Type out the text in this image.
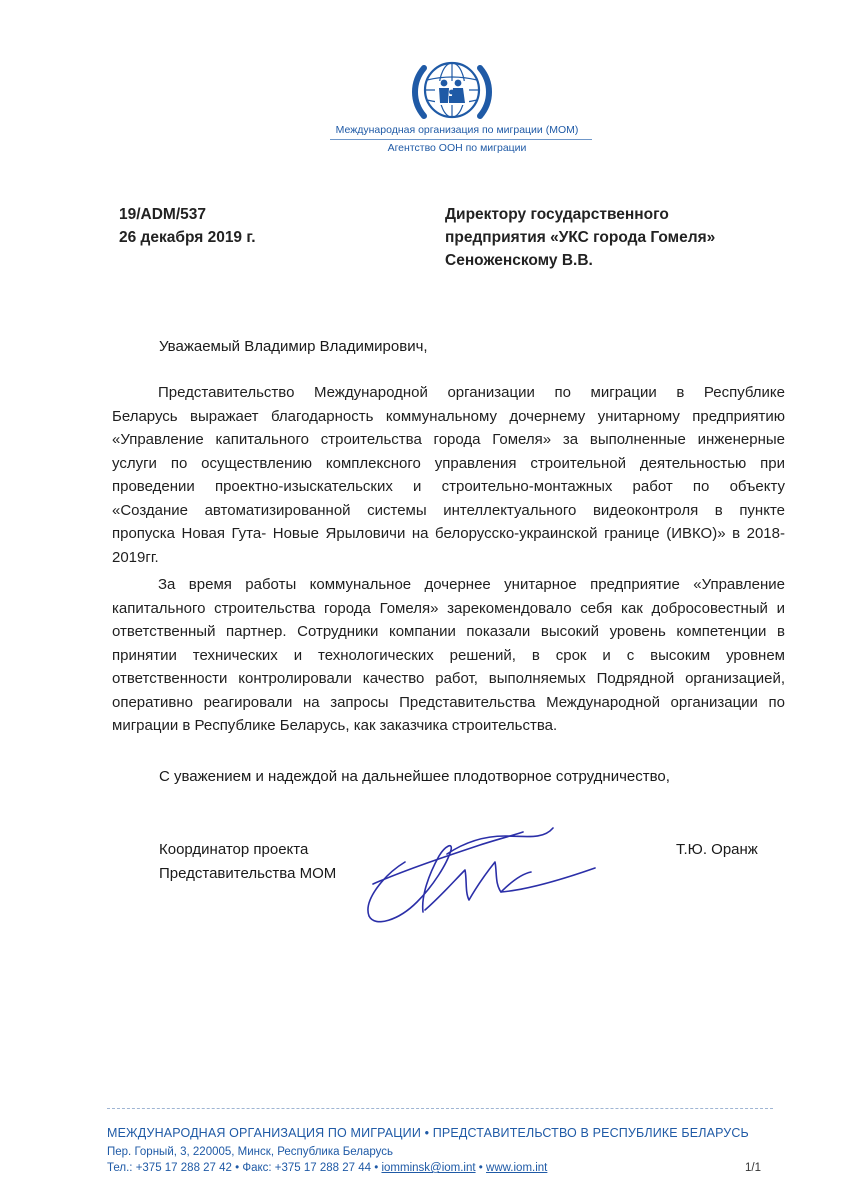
Международная организация по миграции (МОМ)
Агентство ООН по миграции
19/ADM/537
26 декабря 2019 г.
Директору государственного
предприятия «УКС города Гомеля»
Сеноженскому В.В.
Уважаемый Владимир Владимирович,
Представительство Международной организации по миграции в Республике
Беларусь выражает благодарность коммунальному дочернему унитарному предприятию
«Управление капитального строительства города Гомеля» за выполненные инженерные
услуги по осуществлению комплексного управления строительной деятельностью при
проведении проектно-изыскательских и строительно-монтажных работ по объекту
«Создание автоматизированной системы интеллектуального видеоконтроля в пункте
пропуска Новая Гута- Новые Ярыловичи на белорусско-украинской границе (ИВКО)» в 2018-
2019гг.
За время работы коммунальное дочернее унитарное предприятие «Управление
капитального строительства города Гомеля» зарекомендовало себя как добросовестный и
ответственный партнер. Сотрудники компании показали высокий уровень компетенции в
принятии технических и технологических решений, в срок и с высоким уровнем
ответственности контролировали качество работ, выполняемых Подрядной организацией,
оперативно реагировали на запросы Представительства Международной организации по
миграции в Республике Беларусь, как заказчика строительства.
С уважением и надеждой на дальнейшее плодотворное сотрудничество,
Координатор проекта
Представительства МОМ
Т.Ю. Оранж
МЕЖДУНАРОДНАЯ ОРГАНИЗАЦИЯ ПО МИГРАЦИИ • ПРЕДСТАВИТЕЛЬСТВО В РЕСПУБЛИКЕ БЕЛАРУСЬ
Пер. Горный, 3, 220005, Минск, Республика Беларусь
Тел.: +375 17 288 27 42 • Факс: +375 17 288 27 44 • iomminsk@iom.int • www.iom.int	1/1
